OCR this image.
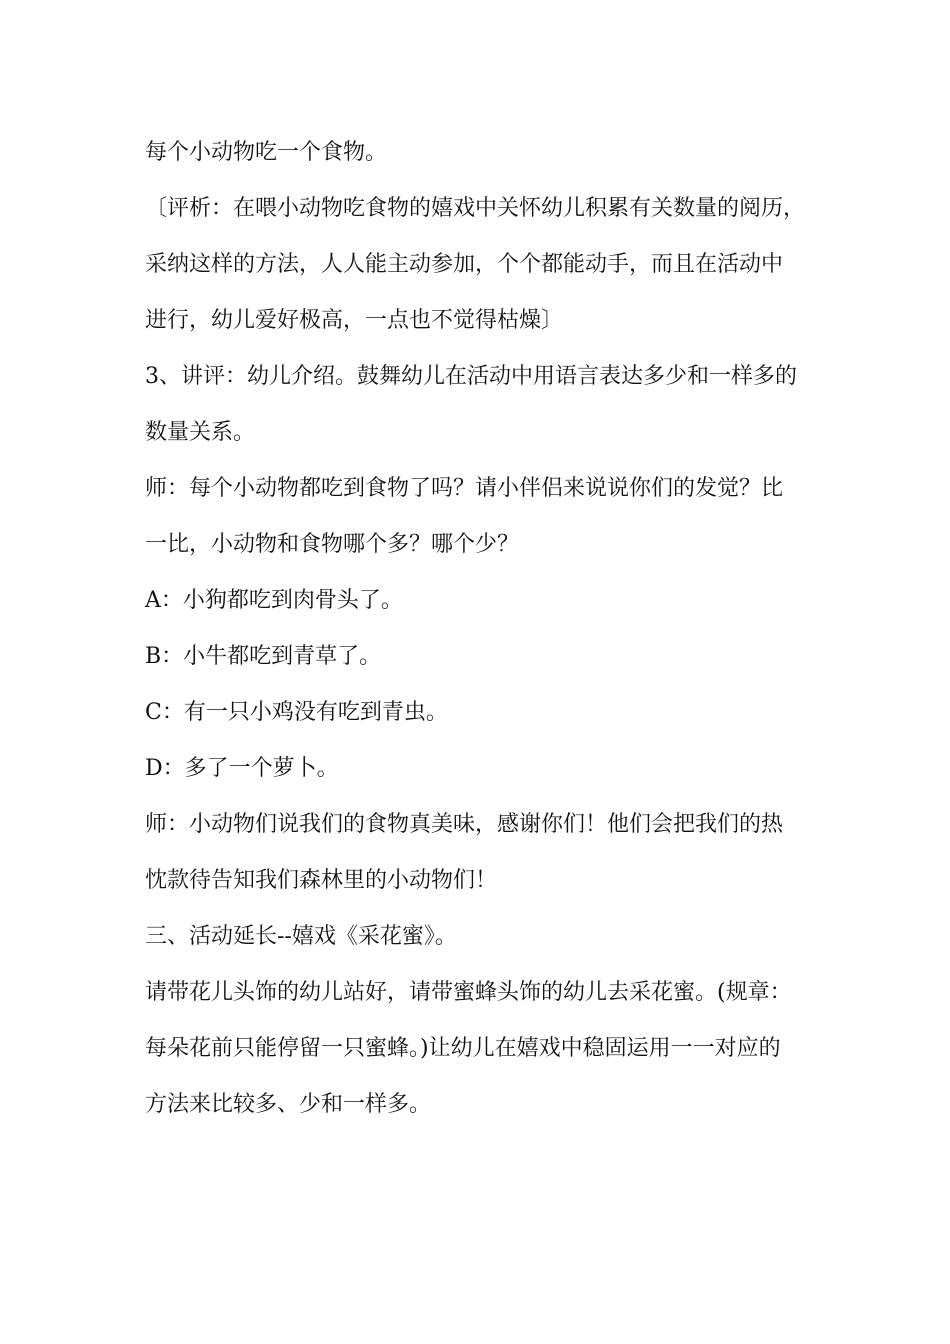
每个小动物吃一个食物。
〔评析：在喂小动物吃食物的嬉戏中关怀幼儿积累有关数量的阅历，
采纳这样的方法，人人能主动参加，个个都能动手，而且在活动中
进行，幼儿爱好极高，一点也不觉得枯燥〕
3、讲评：幼儿介绍。鼓舞幼儿在活动中用语言表达多少和一样多的
数量关系。
师：每个小动物都吃到食物了吗？请小伴侣来说说你们的发觉？比
一比，小动物和食物哪个多？哪个少？
A：小狗都吃到肉骨头了。
B：小牛都吃到青草了。
C：有一只小鸡没有吃到青虫。
D：多了一个萝卜。
师：小动物们说我们的食物真美味，感谢你们！他们会把我们的热
忱款待告知我们森林里的小动物们！
三、活动延长--嬉戏《采花蜜》。
请带花儿头饰的幼儿站好，请带蜜蜂头饰的幼儿去采花蜜。(规章：
每朵花前只能停留一只蜜蜂。)让幼儿在嬉戏中稳固运用一一对应的
方法来比较多、少和一样多。
